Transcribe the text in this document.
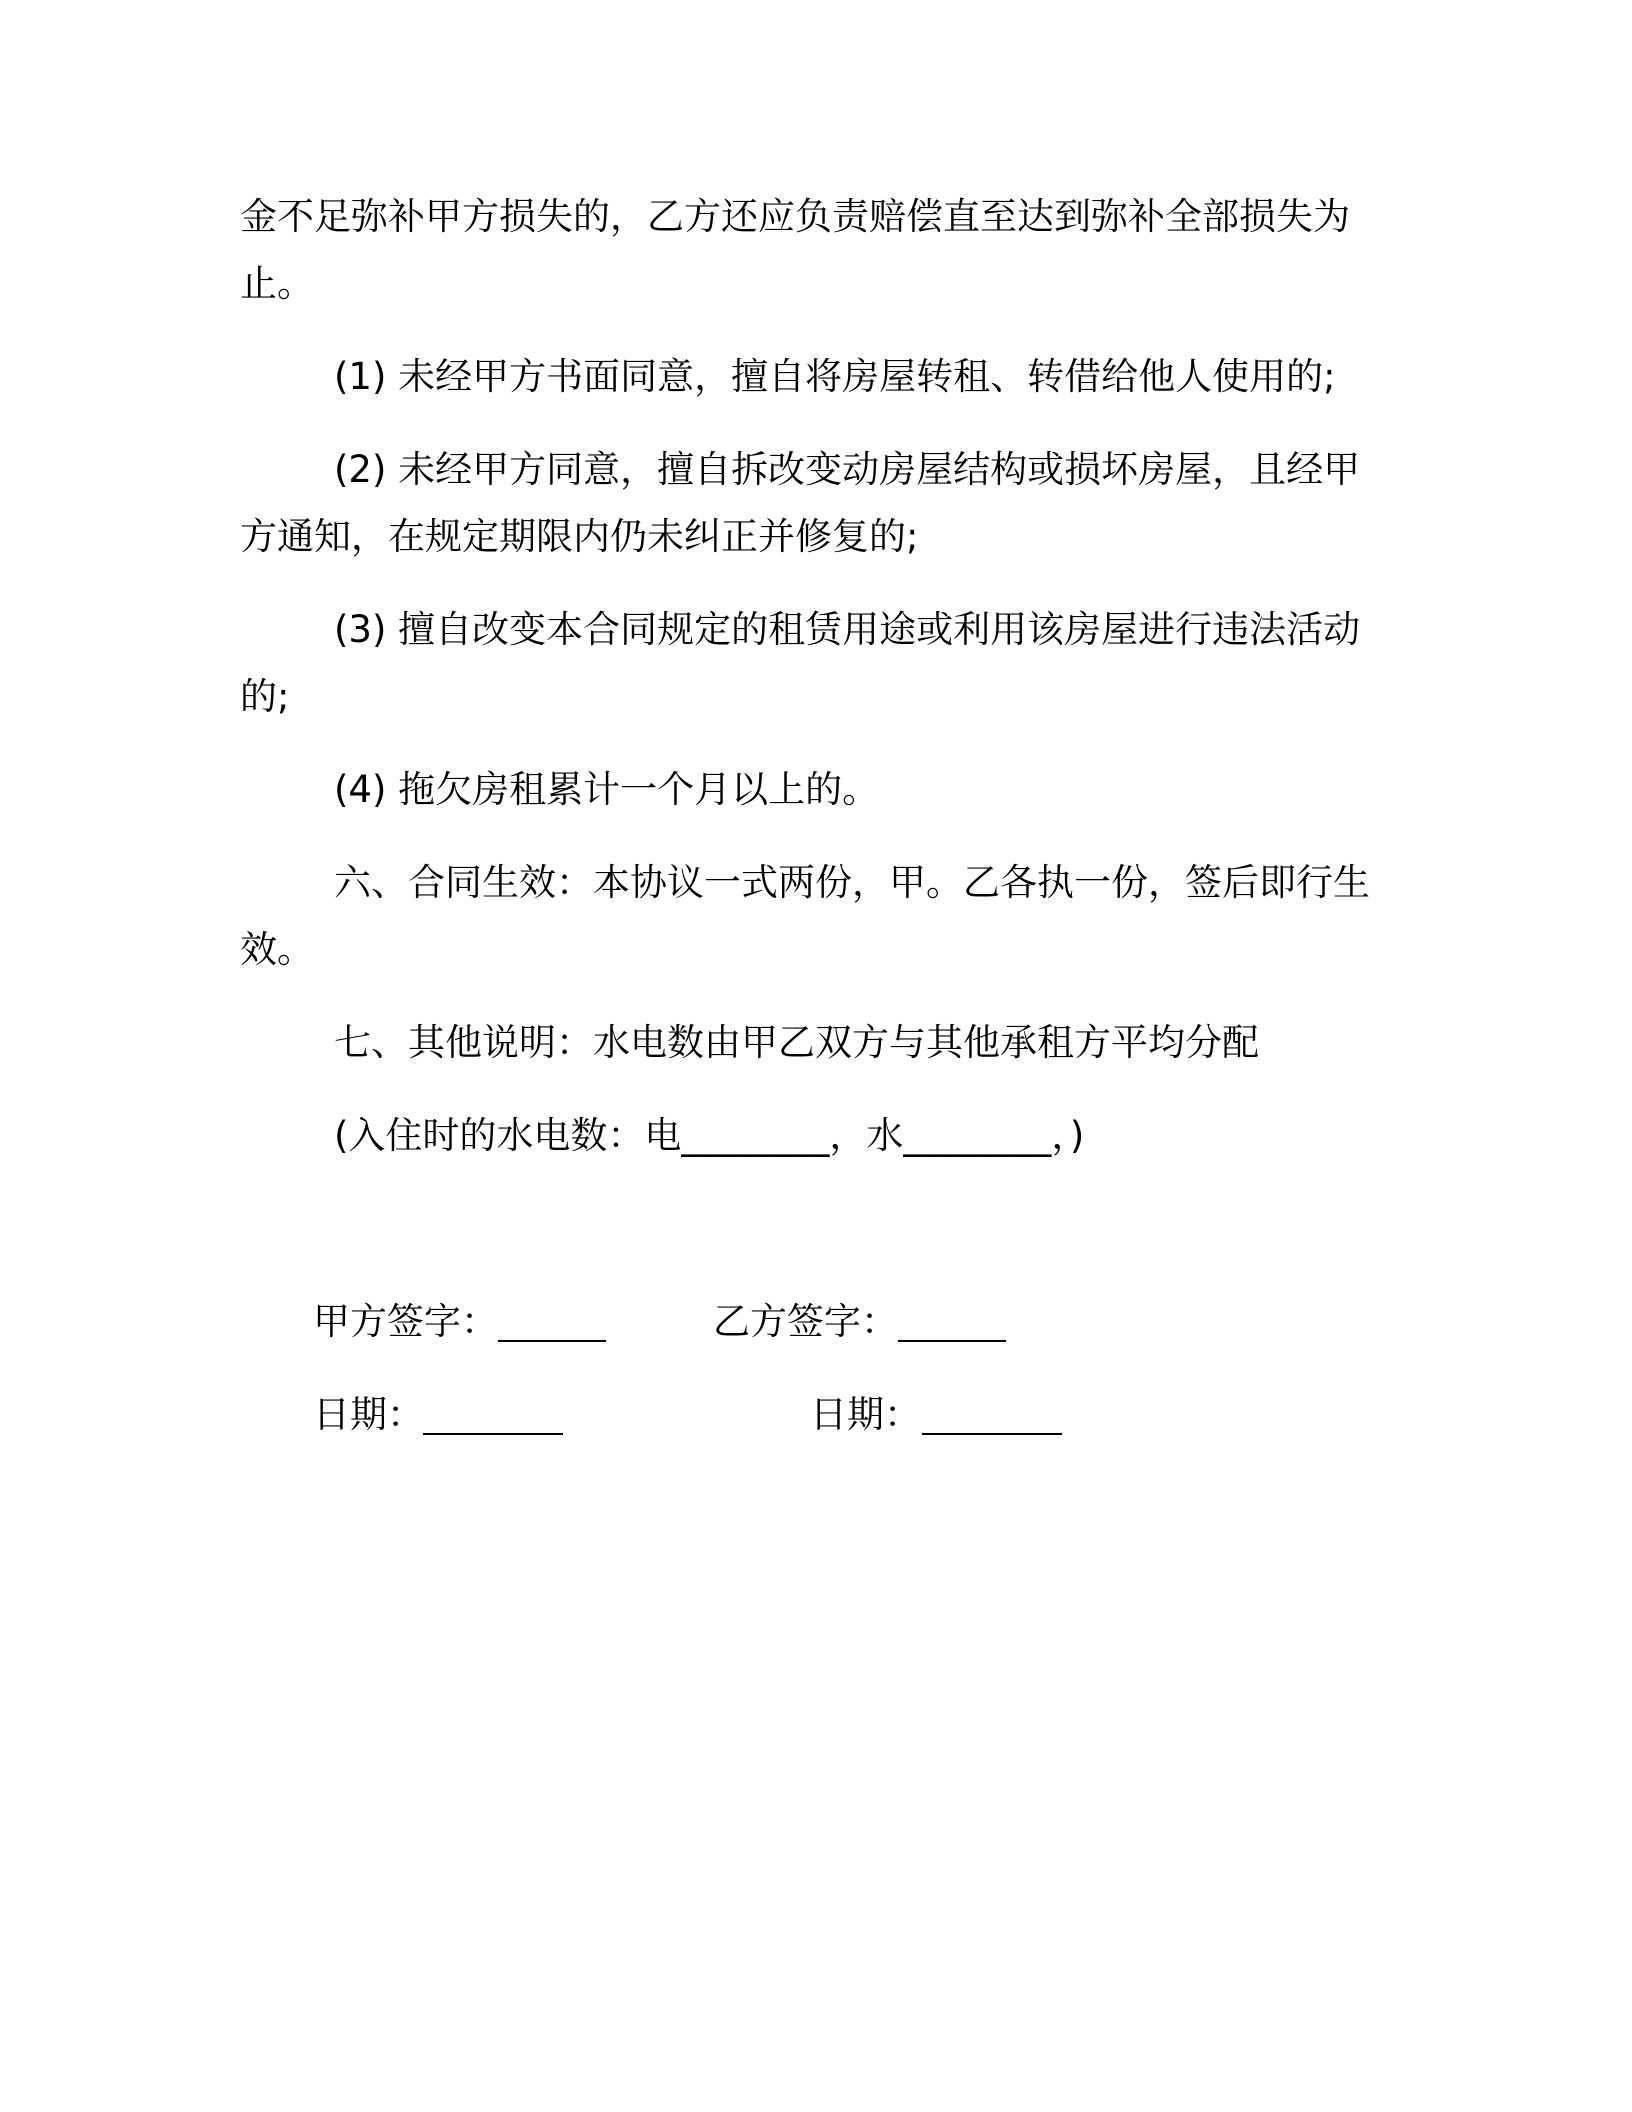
金不足弥补甲方损失的，乙方还应负责赔偿直至达到弥补全部损失为
止。
(1) 未经甲方书面同意，擅自将房屋转租、转借给他人使用的;
(2) 未经甲方同意，擅自拆改变动房屋结构或损坏房屋，且经甲
方通知，在规定期限内仍未纠正并修复的;
(3) 擅自改变本合同规定的租赁用途或利用该房屋进行违法活动
的;
(4) 拖欠房租累计一个月以上的。
六、合同生效：本协议一式两份，甲。乙各执一份，签后即行生
效。
七、其他说明：水电数由甲乙双方与其他承租方平均分配
(入住时的水电数：电________，水________，)
甲方签字：	乙方签字：
日期：	日期：
